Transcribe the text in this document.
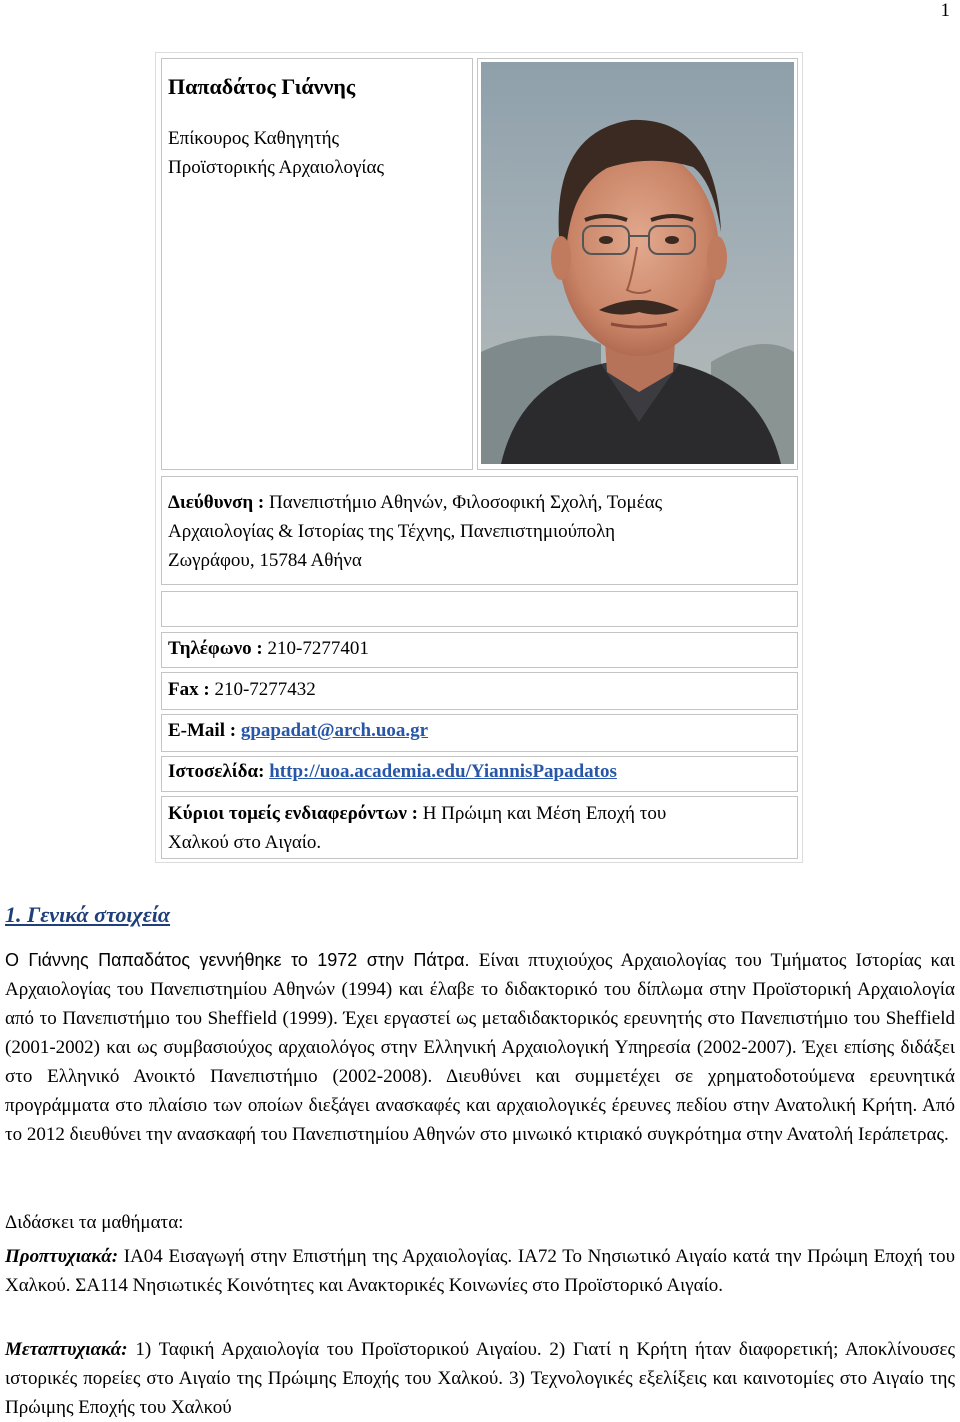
1
Παπαδάτος Γιάννης
Επίκουρος Καθηγητής
Προϊστορικής Αρχαιολογίας
Διεύθυνση : Πανεπιστήμιο Αθηνών, Φιλοσοφική Σχολή, Τομέας
Αρχαιολογίας & Ιστορίας της Τέχνης, Πανεπιστημιούπολη
Ζωγράφου, 15784 Αθήνα
Τηλέφωνο : 210-7277401
Fax : 210-7277432
E-Mail : gpapadat@arch.uoa.gr
Ιστοσελίδα: http://uoa.academia.edu/YiannisPapadatos
Κύριοι τομείς ενδιαφερόντων : Η Πρώιμη και Μέση Εποχή του
Χαλκού στο Αιγαίο.
1. Γενικά στοιχεία
Ο Γιάννης Παπαδάτος γεννήθηκε το 1972 στην Πάτρα. Είναι πτυχιούχος Αρχαιολογίας του Τμήματος Ιστορίας και Αρχαιολογίας του Πανεπιστημίου Αθηνών (1994) και έλαβε το διδακτορικό του δίπλωμα στην Προϊστορική Αρχαιολογία από το Πανεπιστήμιο του Sheffield (1999). Έχει εργαστεί ως μεταδιδακτορικός ερευνητής στο Πανεπιστήμιο του Sheffield (2001-2002) και ως συμβασιούχος αρχαιολόγος στην Ελληνική Αρχαιολογική Υπηρεσία (2002-2007). Έχει επίσης διδάξει στο Ελληνικό Ανοικτό Πανεπιστήμιο (2002-2008). Διευθύνει και συμμετέχει σε χρηματοδοτούμενα ερευνητικά προγράμματα στο πλαίσιο των οποίων διεξάγει ανασκαφές και αρχαιολογικές έρευνες πεδίου στην Ανατολική Κρήτη. Από το 2012 διευθύνει την ανασκαφή του Πανεπιστημίου Αθηνών στο μινωικό κτιριακό συγκρότημα στην Ανατολή Ιεράπετρας.
Διδάσκει τα μαθήματα:
Προπτυχιακά: ΙΑ04 Εισαγωγή στην Επιστήμη της Αρχαιολογίας. ΙΑ72 Το Νησιωτικό Αιγαίο κατά την Πρώιμη Εποχή του Χαλκού. ΣΑ114 Νησιωτικές Κοινότητες και Ανακτορικές Κοινωνίες στο Προϊστορικό Αιγαίο.
Μεταπτυχιακά: 1) Ταφική Αρχαιολογία του Προϊστορικού Αιγαίου. 2) Γιατί η Κρήτη ήταν διαφορετική; Αποκλίνουσες ιστορικές πορείες στο Αιγαίο της Πρώιμης Εποχής του Χαλκού. 3) Τεχνολογικές εξελίξεις και καινοτομίες στο Αιγαίο της Πρώιμης Εποχής του Χαλκού
